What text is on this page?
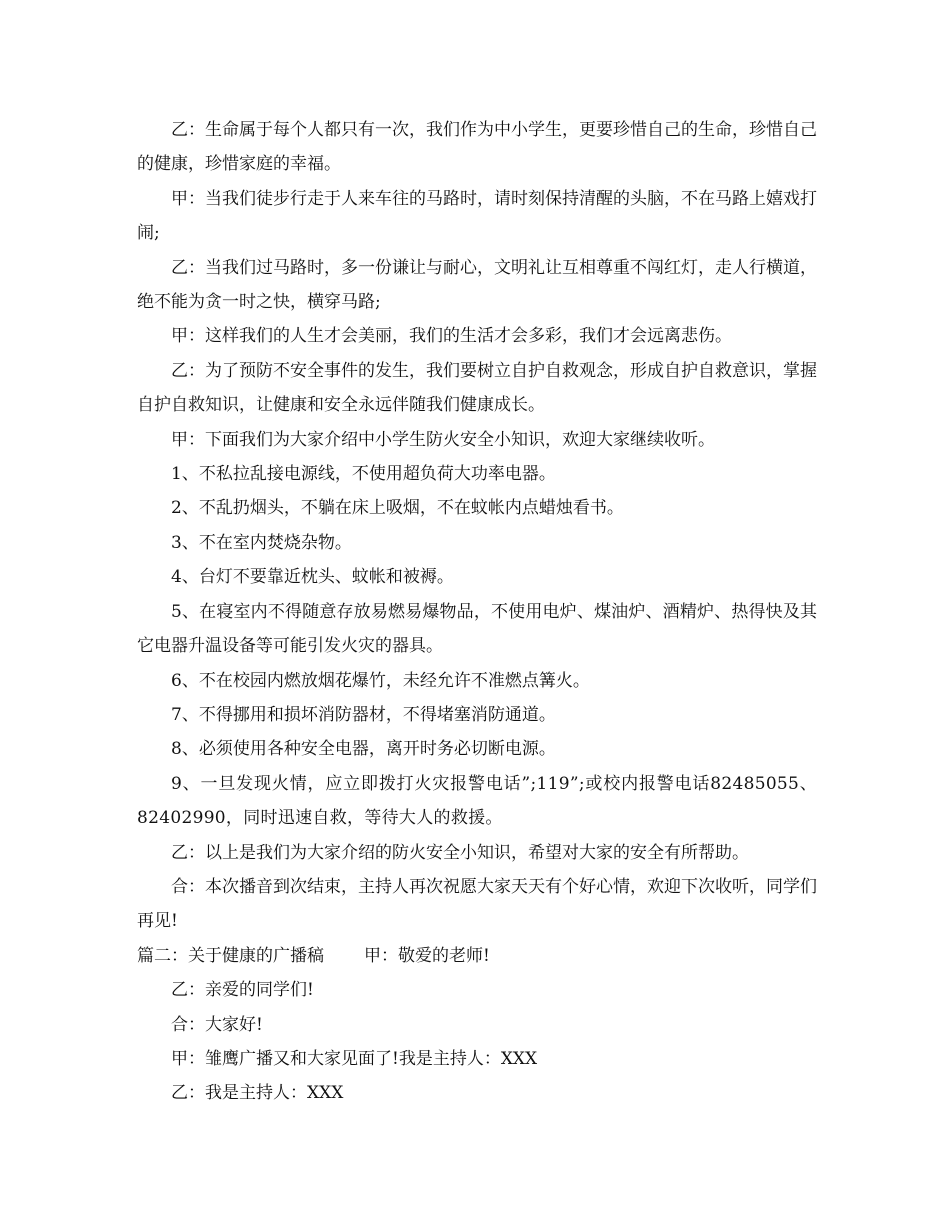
乙：生命属于每个人都只有一次，我们作为中小学生，更要珍惜自己的生命，珍惜自己的健康，珍惜家庭的幸福。

甲：当我们徒步行走于人来车往的马路时，请时刻保持清醒的头脑，不在马路上嬉戏打闹;

乙：当我们过马路时，多一份谦让与耐心，文明礼让互相尊重不闯红灯，走人行横道，绝不能为贪一时之快，横穿马路;

甲：这样我们的人生才会美丽，我们的生活才会多彩，我们才会远离悲伤。

乙：为了预防不安全事件的发生，我们要树立自护自救观念，形成自护自救意识，掌握自护自救知识，让健康和安全永远伴随我们健康成长。

甲：下面我们为大家介绍中小学生防火安全小知识，欢迎大家继续收听。

1、不私拉乱接电源线，不使用超负荷大功率电器。

2、不乱扔烟头，不躺在床上吸烟，不在蚊帐内点蜡烛看书。

3、不在室内焚烧杂物。

4、台灯不要靠近枕头、蚊帐和被褥。

5、在寝室内不得随意存放易燃易爆物品，不使用电炉、煤油炉、酒精炉、热得快及其它电器升温设备等可能引发火灾的器具。

6、不在校园内燃放烟花爆竹，未经允许不准燃点篝火。

7、不得挪用和损坏消防器材，不得堵塞消防通道。

8、必须使用各种安全电器，离开时务必切断电源。

9、一旦发现火情，应立即拨打火灾报警电话”;119”;或校内报警电话82485055、82402990，同时迅速自救，等待大人的救援。

乙：以上是我们为大家介绍的防火安全小知识，希望对大家的安全有所帮助。

合：本次播音到次结束，主持人再次祝愿大家天天有个好心情，欢迎下次收听，同学们再见!

篇二：关于健康的广播稿 甲：敬爱的老师!

乙：亲爱的同学们!

合：大家好!

甲：雏鹰广播又和大家见面了!我是主持人：XXX

乙：我是主持人：XXX
